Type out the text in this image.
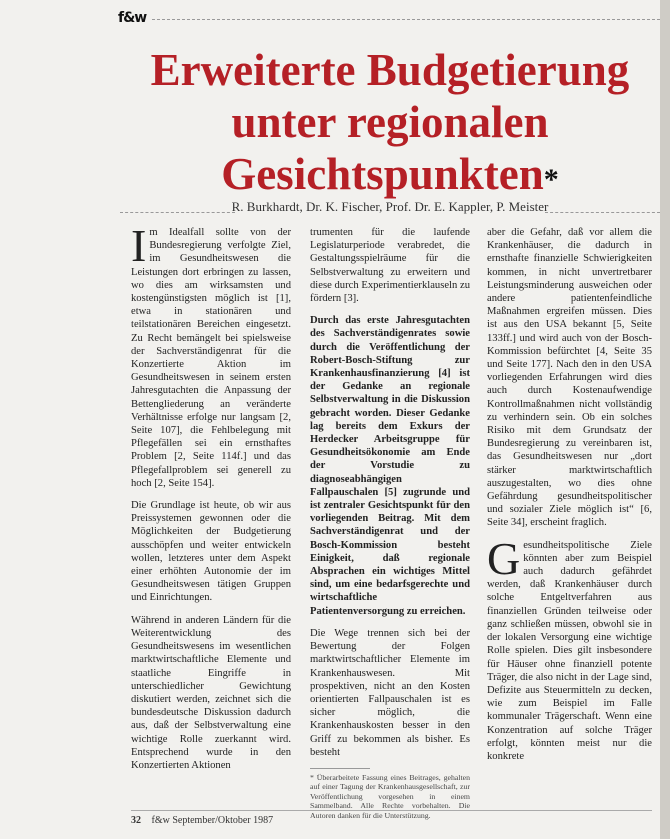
f&w
Erweiterte Budgetierung
unter regionalen
Gesichtspunkten*
R. Burkhardt, Dr. K. Fischer, Prof. Dr. E. Kappler, P. Meister

Im Idealfall sollte von der Bundesregierung verfolgte Ziel, im Gesundheitswesen die Leistungen dort erbringen zu lassen, wo dies am wirksamsten und kostengünstigsten möglich ist [1], etwa in stationären und teilstationären Bereichen eingesetzt. Zu Recht bemängelt bei spielsweise der Sachverständigenrat für die Konzertierte Aktion im Gesundheitswesen in seinem ersten Jahresgutachten die Anpassung der Bettengliederung an veränderte Verhältnisse erfolge nur langsam [2, Seite 107], die Fehlbelegung mit Pflegefällen sei ein ernsthaftes Problem [2, Seite 114f.] und das Pflegefallproblem sei generell zu hoch [2, Seite 154].

Die Grundlage ist heute, ob wir aus Preissystemen gewonnen oder die Möglichkeiten der Budgetierung ausschöpfen und weiter entwickeln wollen, letzteres unter dem Aspekt einer erhöhten Autonomie der im Gesundheitswesen tätigen Gruppen und Einrichtungen.

Während in anderen Ländern für die Weiterentwicklung des Gesundheitswesens im wesentlichen marktwirtschaftliche Elemente und staatliche Eingriffe in unterschiedlicher Gewichtung diskutiert werden, zeichnet sich die bundesdeutsche Diskussion dadurch aus, daß der Selbstverwaltung eine wichtige Rolle zuerkannt wird. Entsprechend wurde in den Konzertierten Aktionen

trumenten für die laufende Legislaturperiode verabredet, die Gestaltungsspielräume für die Selbstverwaltung zu erweitern und diese durch Experimentierklauseln zu fördern [3].

Durch das erste Jahresgutachten des Sachverständigenrates sowie durch die Veröffentlichung der Robert-Bosch-Stiftung zur Krankenhausfinanzierung [4] ist der Gedanke an regionale Selbstverwaltung in die Diskussion gebracht worden. Dieser Gedanke lag bereits dem Exkurs der Herdecker Arbeitsgruppe für Gesundheitsökonomie am Ende der Vorstudie zu diagnoseabhängigen Fallpauschalen [5] zugrunde und ist zentraler Gesichtspunkt für den vorliegenden Beitrag. Mit dem Sachverständigenrat und der Bosch-Kommission besteht Einigkeit, daß regionale Absprachen ein wichtiges Mittel sind, um eine bedarfsgerechte und wirtschaftliche Patientenversorgung zu erreichen.

Die Wege trennen sich bei der Bewertung der Folgen marktwirtschaftlicher Elemente im Krankenhauswesen. Mit prospektiven, nicht an den Kosten orientierten Fallpauschalen ist es sicher möglich, die Krankenhauskosten besser in den Griff zu bekommen als bisher. Es besteht

* Überarbeitete Fassung eines Beitrages, gehalten auf einer Tagung der Krankenhausgesellschaft, zur Veröffentlichung vorgesehen in einem Sammelband. Alle Rechte vorbehalten. Die Autoren danken für die Unterstützung.

aber die Gefahr, daß vor allem die Krankenhäuser, die dadurch in ernsthafte finanzielle Schwierigkeiten kommen, in nicht unvertretbarer Leistungsminderung ausweichen oder andere patientenfeindliche Maßnahmen ergreifen müssen. Dies ist aus den USA bekannt [5, Seite 133ff.] und wird auch von der Bosch-Kommission befürchtet [4, Seite 35 und Seite 177]. Nach den in den USA vorliegenden Erfahrungen wird dies auch durch Kostenaufwendige Kontrollmaßnahmen nicht vollständig zu verhindern sein. Ob ein solches Risiko mit dem Grundsatz der Bundesregierung zu vereinbaren ist, das Gesundheitswesen nur „dort stärker marktwirtschaftlich auszugestalten, wo dies ohne Gefährdung gesundheitspolitischer und sozialer Ziele möglich ist“ [6, Seite 34], erscheint fraglich.

Gesundheitspolitische Ziele könnten aber zum Beispiel auch dadurch gefährdet werden, daß Krankenhäuser durch solche Entgeltverfahren aus finanziellen Gründen teilweise oder ganz schließen müssen, obwohl sie in der lokalen Versorgung eine wichtige Rolle spielen. Dies gilt insbesondere für Häuser ohne finanziell potente Träger, die also nicht in der Lage sind, Defizite aus Steuermitteln zu decken, wie zum Beispiel im Falle kommunaler Trägerschaft. Wenn eine Konzentration auf solche Träger erfolgt, könnten meist nur die konkrete

32 f&w September/Oktober 1987
